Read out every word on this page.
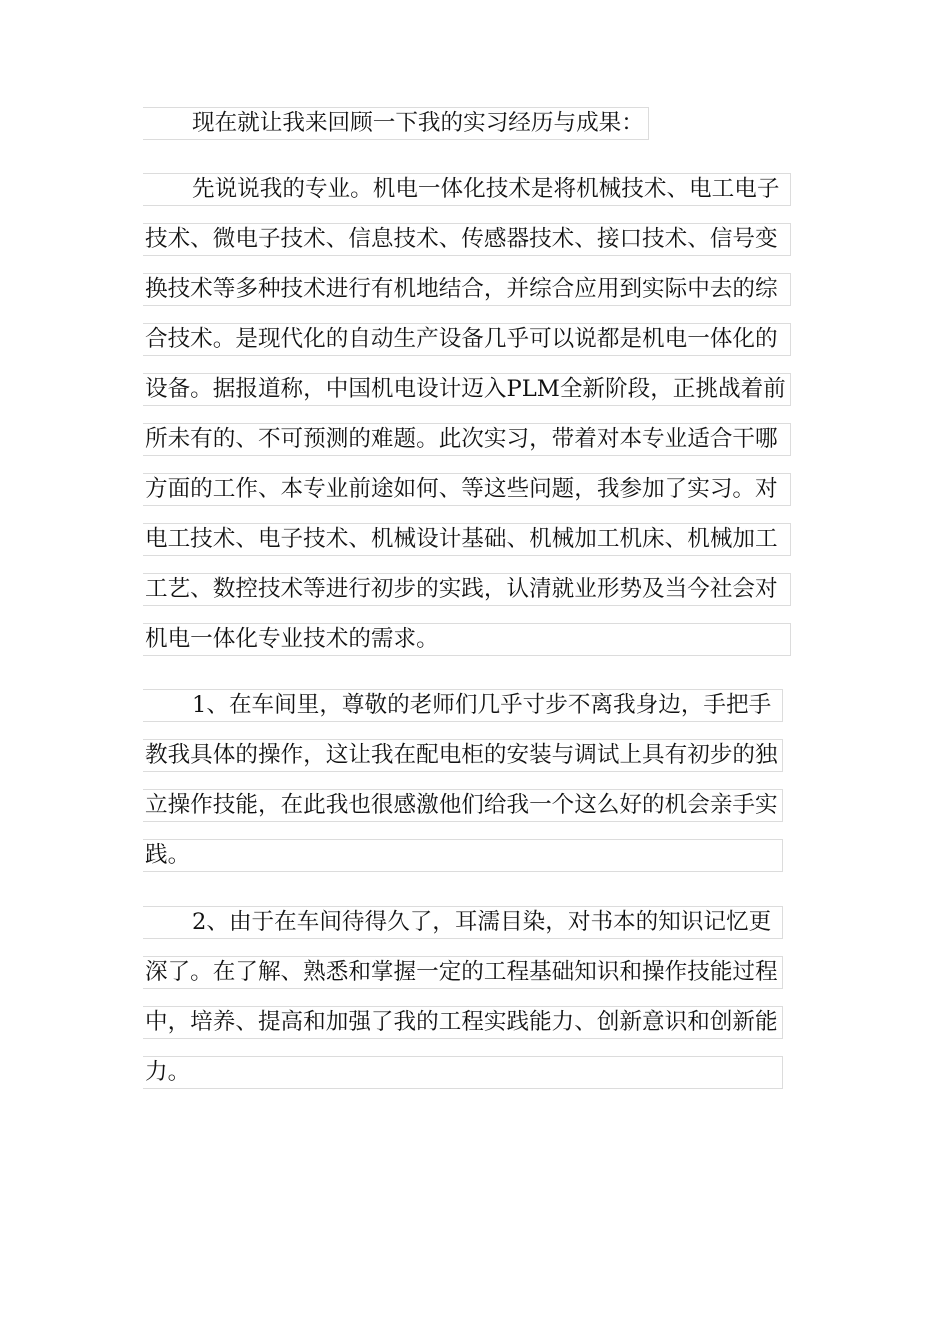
现在就让我来回顾一下我的实习经历与成果：
先说说我的专业。机电一体化技术是将机械技术、电工电子
技术、微电子技术、信息技术、传感器技术、接口技术、信号变
换技术等多种技术进行有机地结合，并综合应用到实际中去的综
合技术。是现代化的自动生产设备几乎可以说都是机电一体化的
设备。据报道称，中国机电设计迈入PLM全新阶段，正挑战着前
所未有的、不可预测的难题。此次实习，带着对本专业适合干哪
方面的工作、本专业前途如何、等这些问题，我参加了实习。对
电工技术、电子技术、机械设计基础、机械加工机床、机械加工
工艺、数控技术等进行初步的实践，认清就业形势及当今社会对
机电一体化专业技术的需求。
1、在车间里，尊敬的老师们几乎寸步不离我身边，手把手
教我具体的操作，这让我在配电柜的安装与调试上具有初步的独
立操作技能，在此我也很感激他们给我一个这么好的机会亲手实
践。
2、由于在车间待得久了，耳濡目染，对书本的知识记忆更
深了。在了解、熟悉和掌握一定的工程基础知识和操作技能过程
中，培养、提高和加强了我的工程实践能力、创新意识和创新能
力。
